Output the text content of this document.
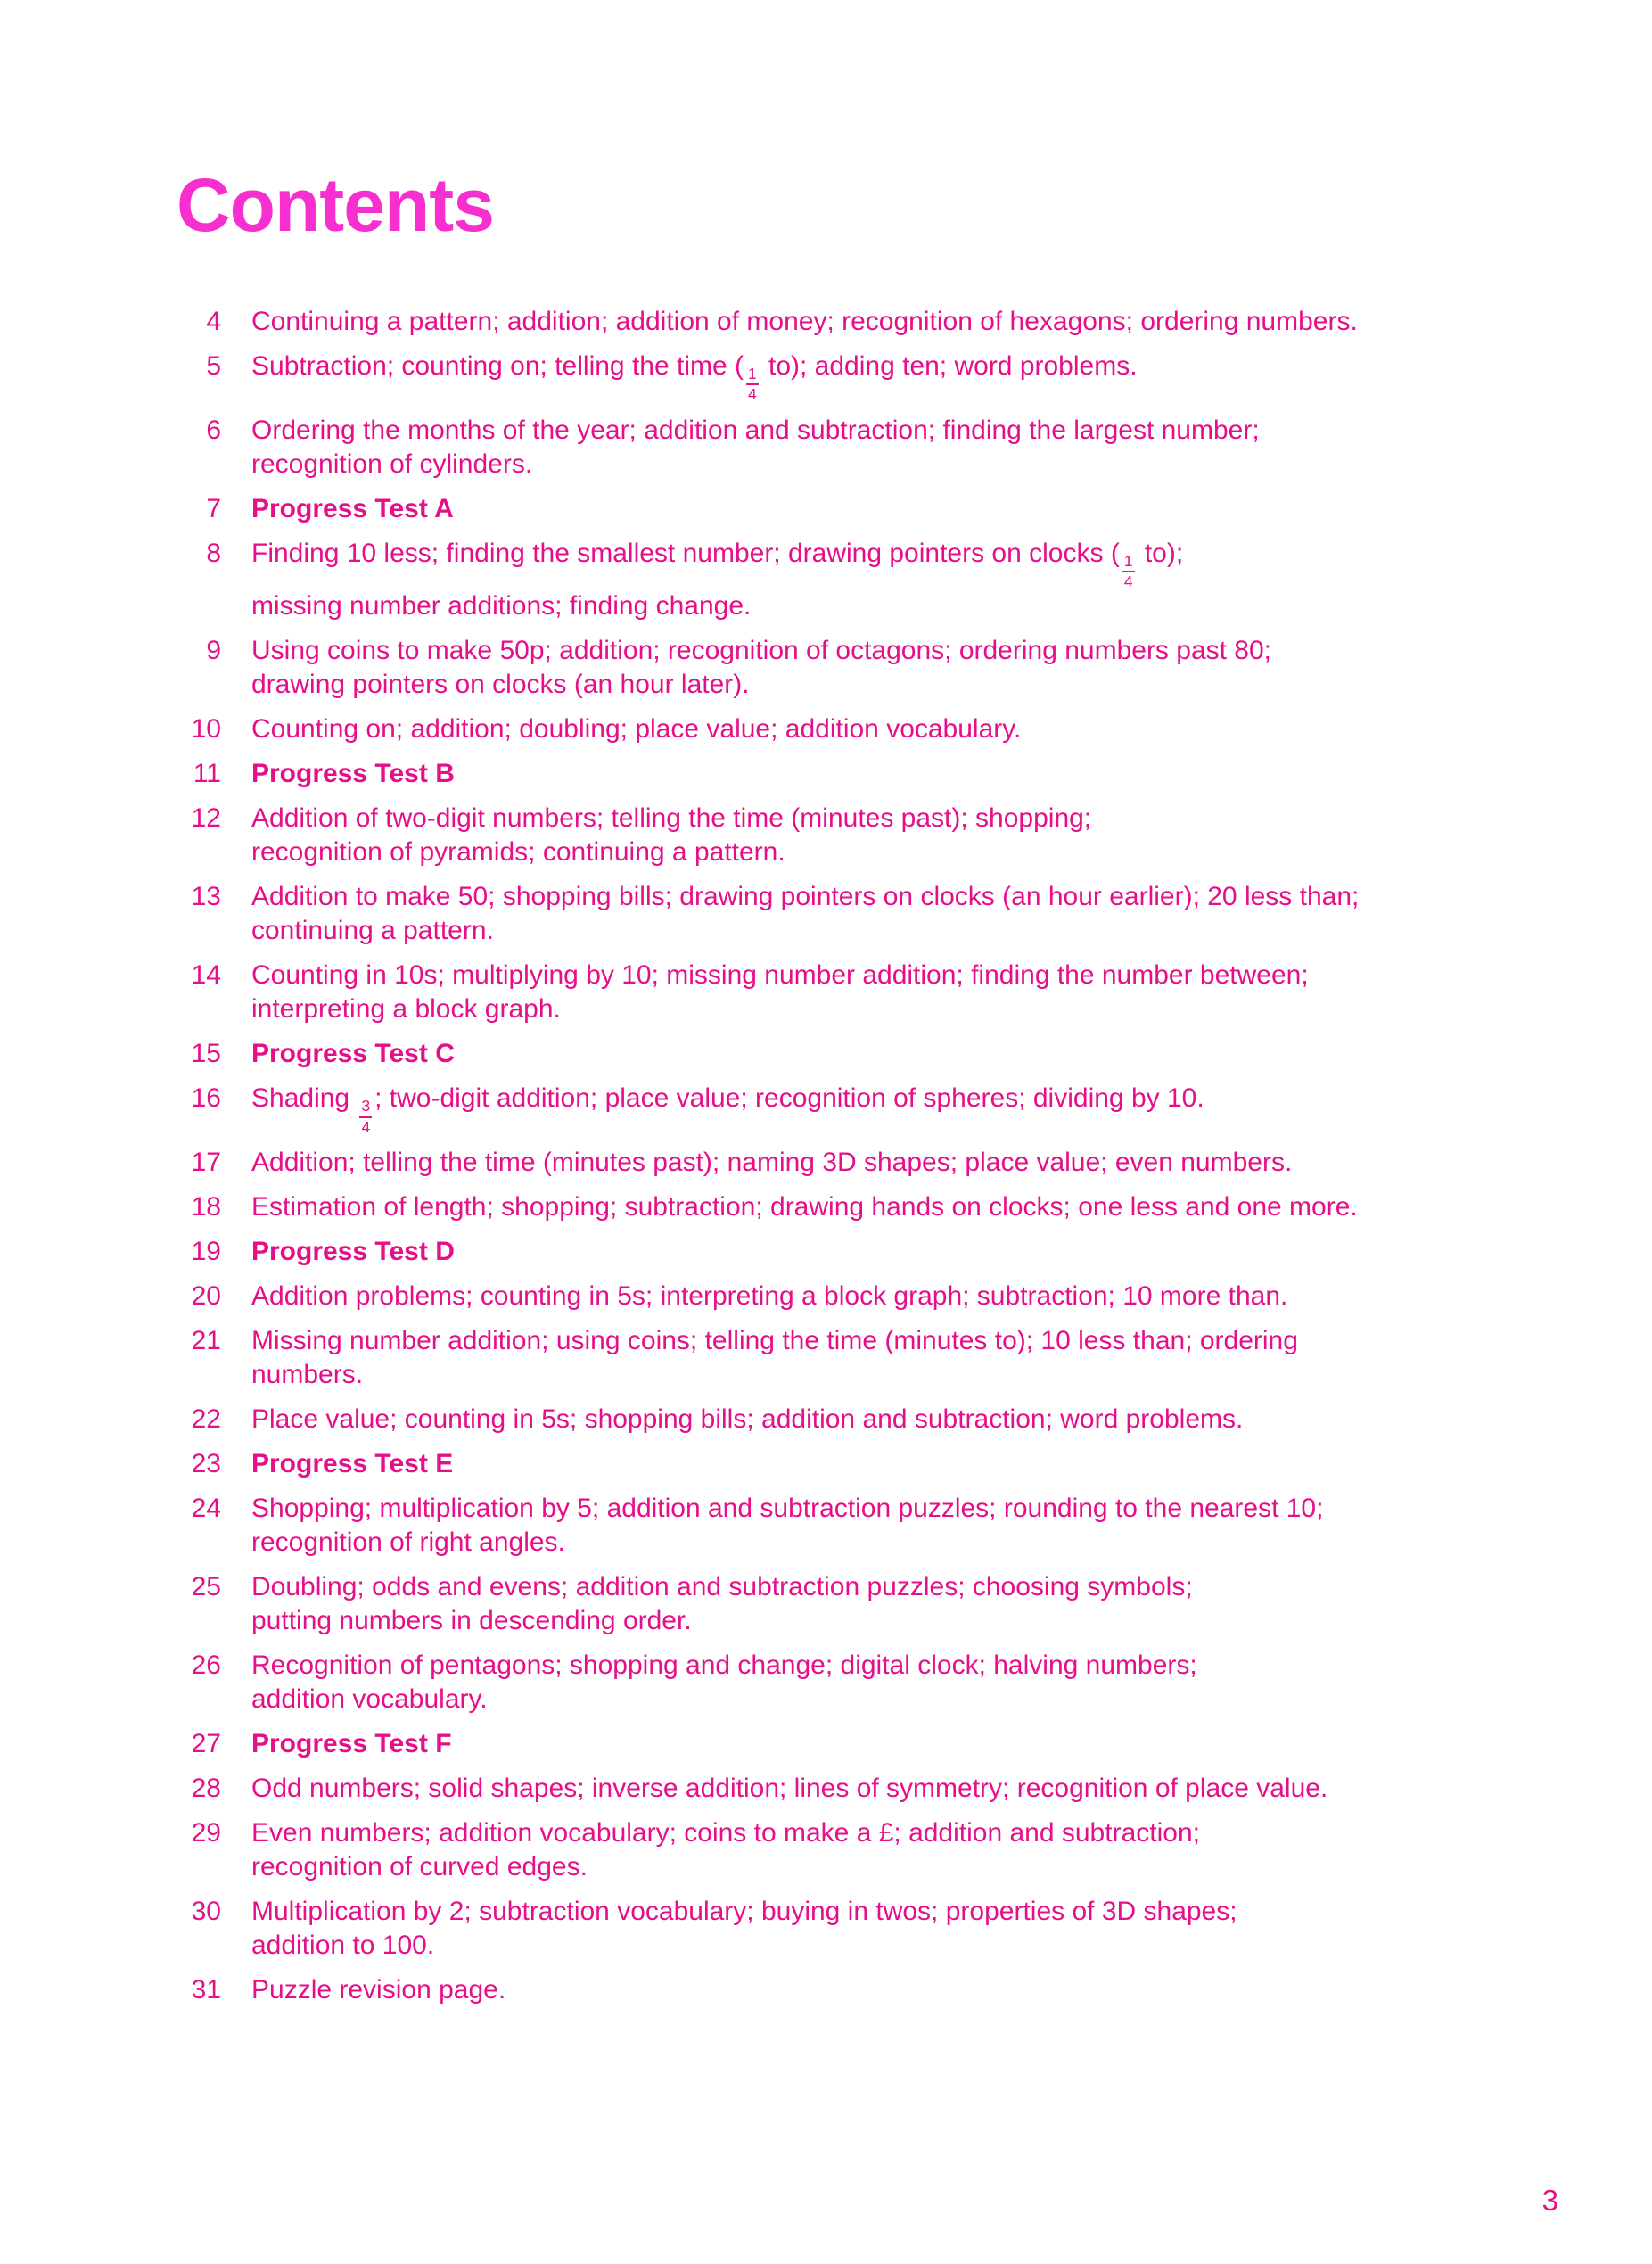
Contents
4 Continuing a pattern; addition; addition of money; recognition of hexagons; ordering numbers.
5 Subtraction; counting on; telling the time (
$\frac{1}{4}$
to); adding ten; word problems.
6 Ordering the months of the year; addition and subtraction; finding the largest number;
recognition of cylinders.
7 Progress Test A
8 Finding 10 less; finding the smallest number; drawing pointers on clocks (
$\frac{1}{4}$
to);
missing number additions; finding change.
9 Using coins to make 50p; addition; recognition of octagons; ordering numbers past 80;
drawing pointers on clocks (an hour later).
10 Counting on; addition; doubling; place value; addition vocabulary.
11 Progress Test B
12 Addition of two-digit numbers; telling the time (minutes past); shopping;
recognition of pyramids; continuing a pattern.
13 Addition to make 50; shopping bills; drawing pointers on clocks (an hour earlier); 20 less than;
continuing a pattern.
14 Counting in 10s; multiplying by 10; missing number addition; finding the number between;
interpreting a block graph.
15 Progress Test C
16 Shading
$\frac{3}{4}$
; two-digit addition; place value; recognition of spheres; dividing by 10.
17 Addition; telling the time (minutes past); naming 3D shapes; place value; even numbers.
18 Estimation of length; shopping; subtraction; drawing hands on clocks; one less and one more.
19 Progress Test D
20 Addition problems; counting in 5s; interpreting a block graph; subtraction; 10 more than.
21 Missing number addition; using coins; telling the time (minutes to); 10 less than; ordering
numbers.
22 Place value; counting in 5s; shopping bills; addition and subtraction; word problems.
23 Progress Test E
24 Shopping; multiplication by 5; addition and subtraction puzzles; rounding to the nearest 10;
recognition of right angles.
25 Doubling; odds and evens; addition and subtraction puzzles; choosing symbols;
putting numbers in descending order.
26 Recognition of pentagons; shopping and change; digital clock; halving numbers;
addition vocabulary.
27 Progress Test F
28 Odd numbers; solid shapes; inverse addition; lines of symmetry; recognition of place value.
29 Even numbers; addition vocabulary; coins to make a £; addition and subtraction;
recognition of curved edges.
30 Multiplication by 2; subtraction vocabulary; buying in twos; properties of 3D shapes;
addition to 100.
31 Puzzle revision page.
3
